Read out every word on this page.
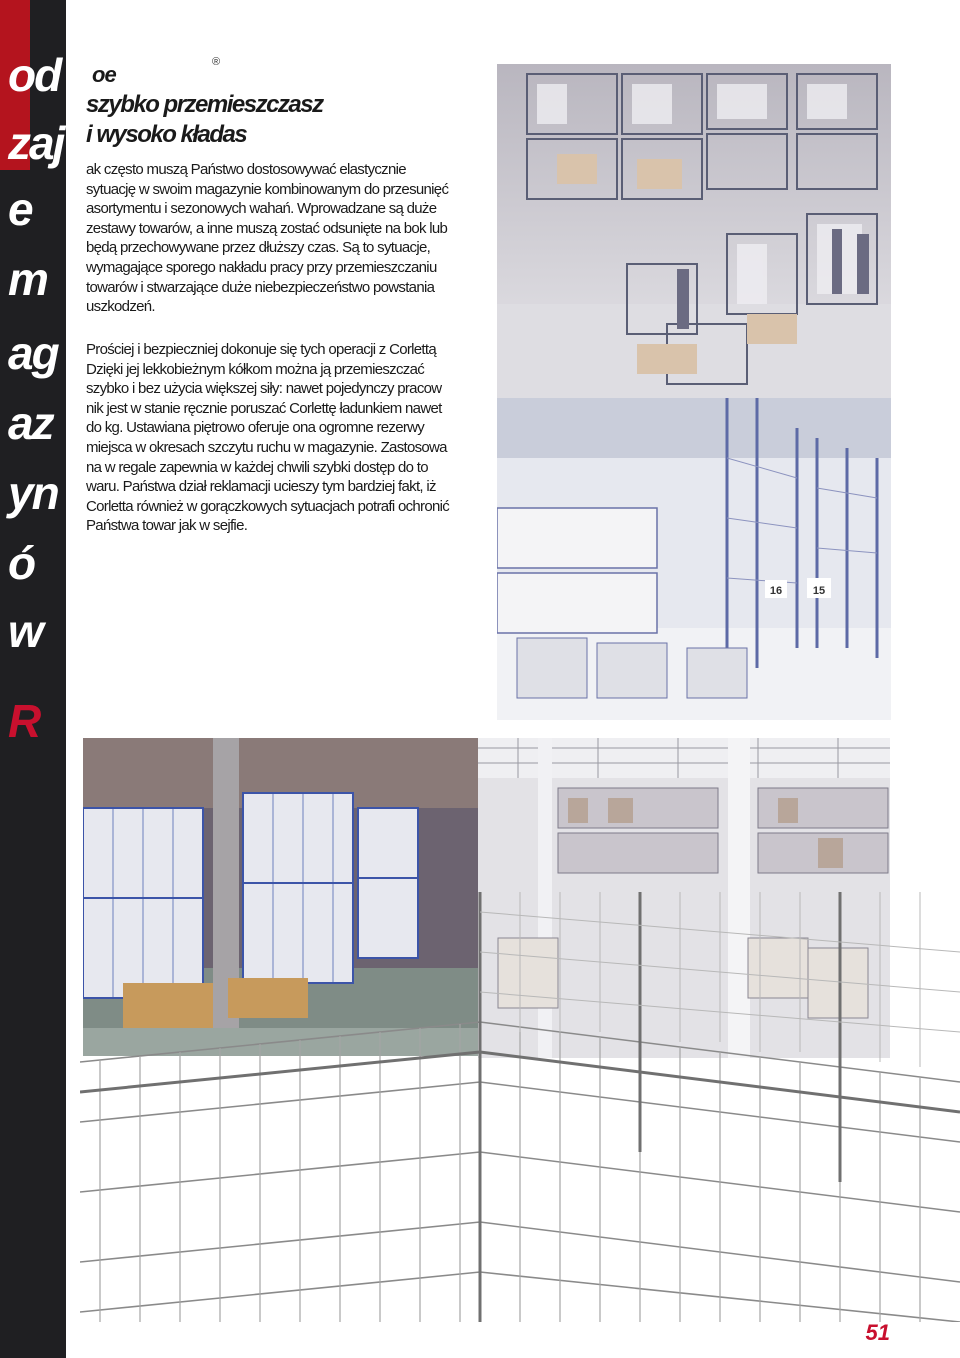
od
zaj
e
m
ag
az
yn
ó
w
R
®
oe
szybko przemieszczasz
i wysoko kładas
ak często muszą Państwo dostosowywać elastycznie
sytuację w swoim magazynie kombinowanym do przesunięć
asortymentu i sezonowych wahań. Wprowadzane są duże
zestawy towarów, a inne muszą zostać odsunięte na bok lub
będą przechowywane przez dłuższy czas. Są to sytuacje,
wymagające sporego nakładu pracy przy przemieszczaniu
towarów i stwarzające duże niebezpieczeństwo powstania
uszkodzeń.
Prościej i bezpieczniej dokonuje się tych operacji z Corlettą
Dzięki jej lekkobieżnym kółkom można ją przemieszczać
szybko i bez użycia większej siły: nawet pojedynczy pracow
nik jest w stanie ręcznie poruszać Corlettę ładunkiem nawet
do kg. Ustawiana piętrowo oferuje ona ogromne rezerwy
miejsca w okresach szczytu ruchu w magazynie. Zastosowa
na w regale zapewnia w każdej chwili szybki dostęp do to
waru. Państwa dział reklamacji ucieszy tym bardziej fakt, iż
Corletta również w gorączkowych sytuacjach potrafi ochronić
Państwa towar jak w sejfie.
15
16
51
